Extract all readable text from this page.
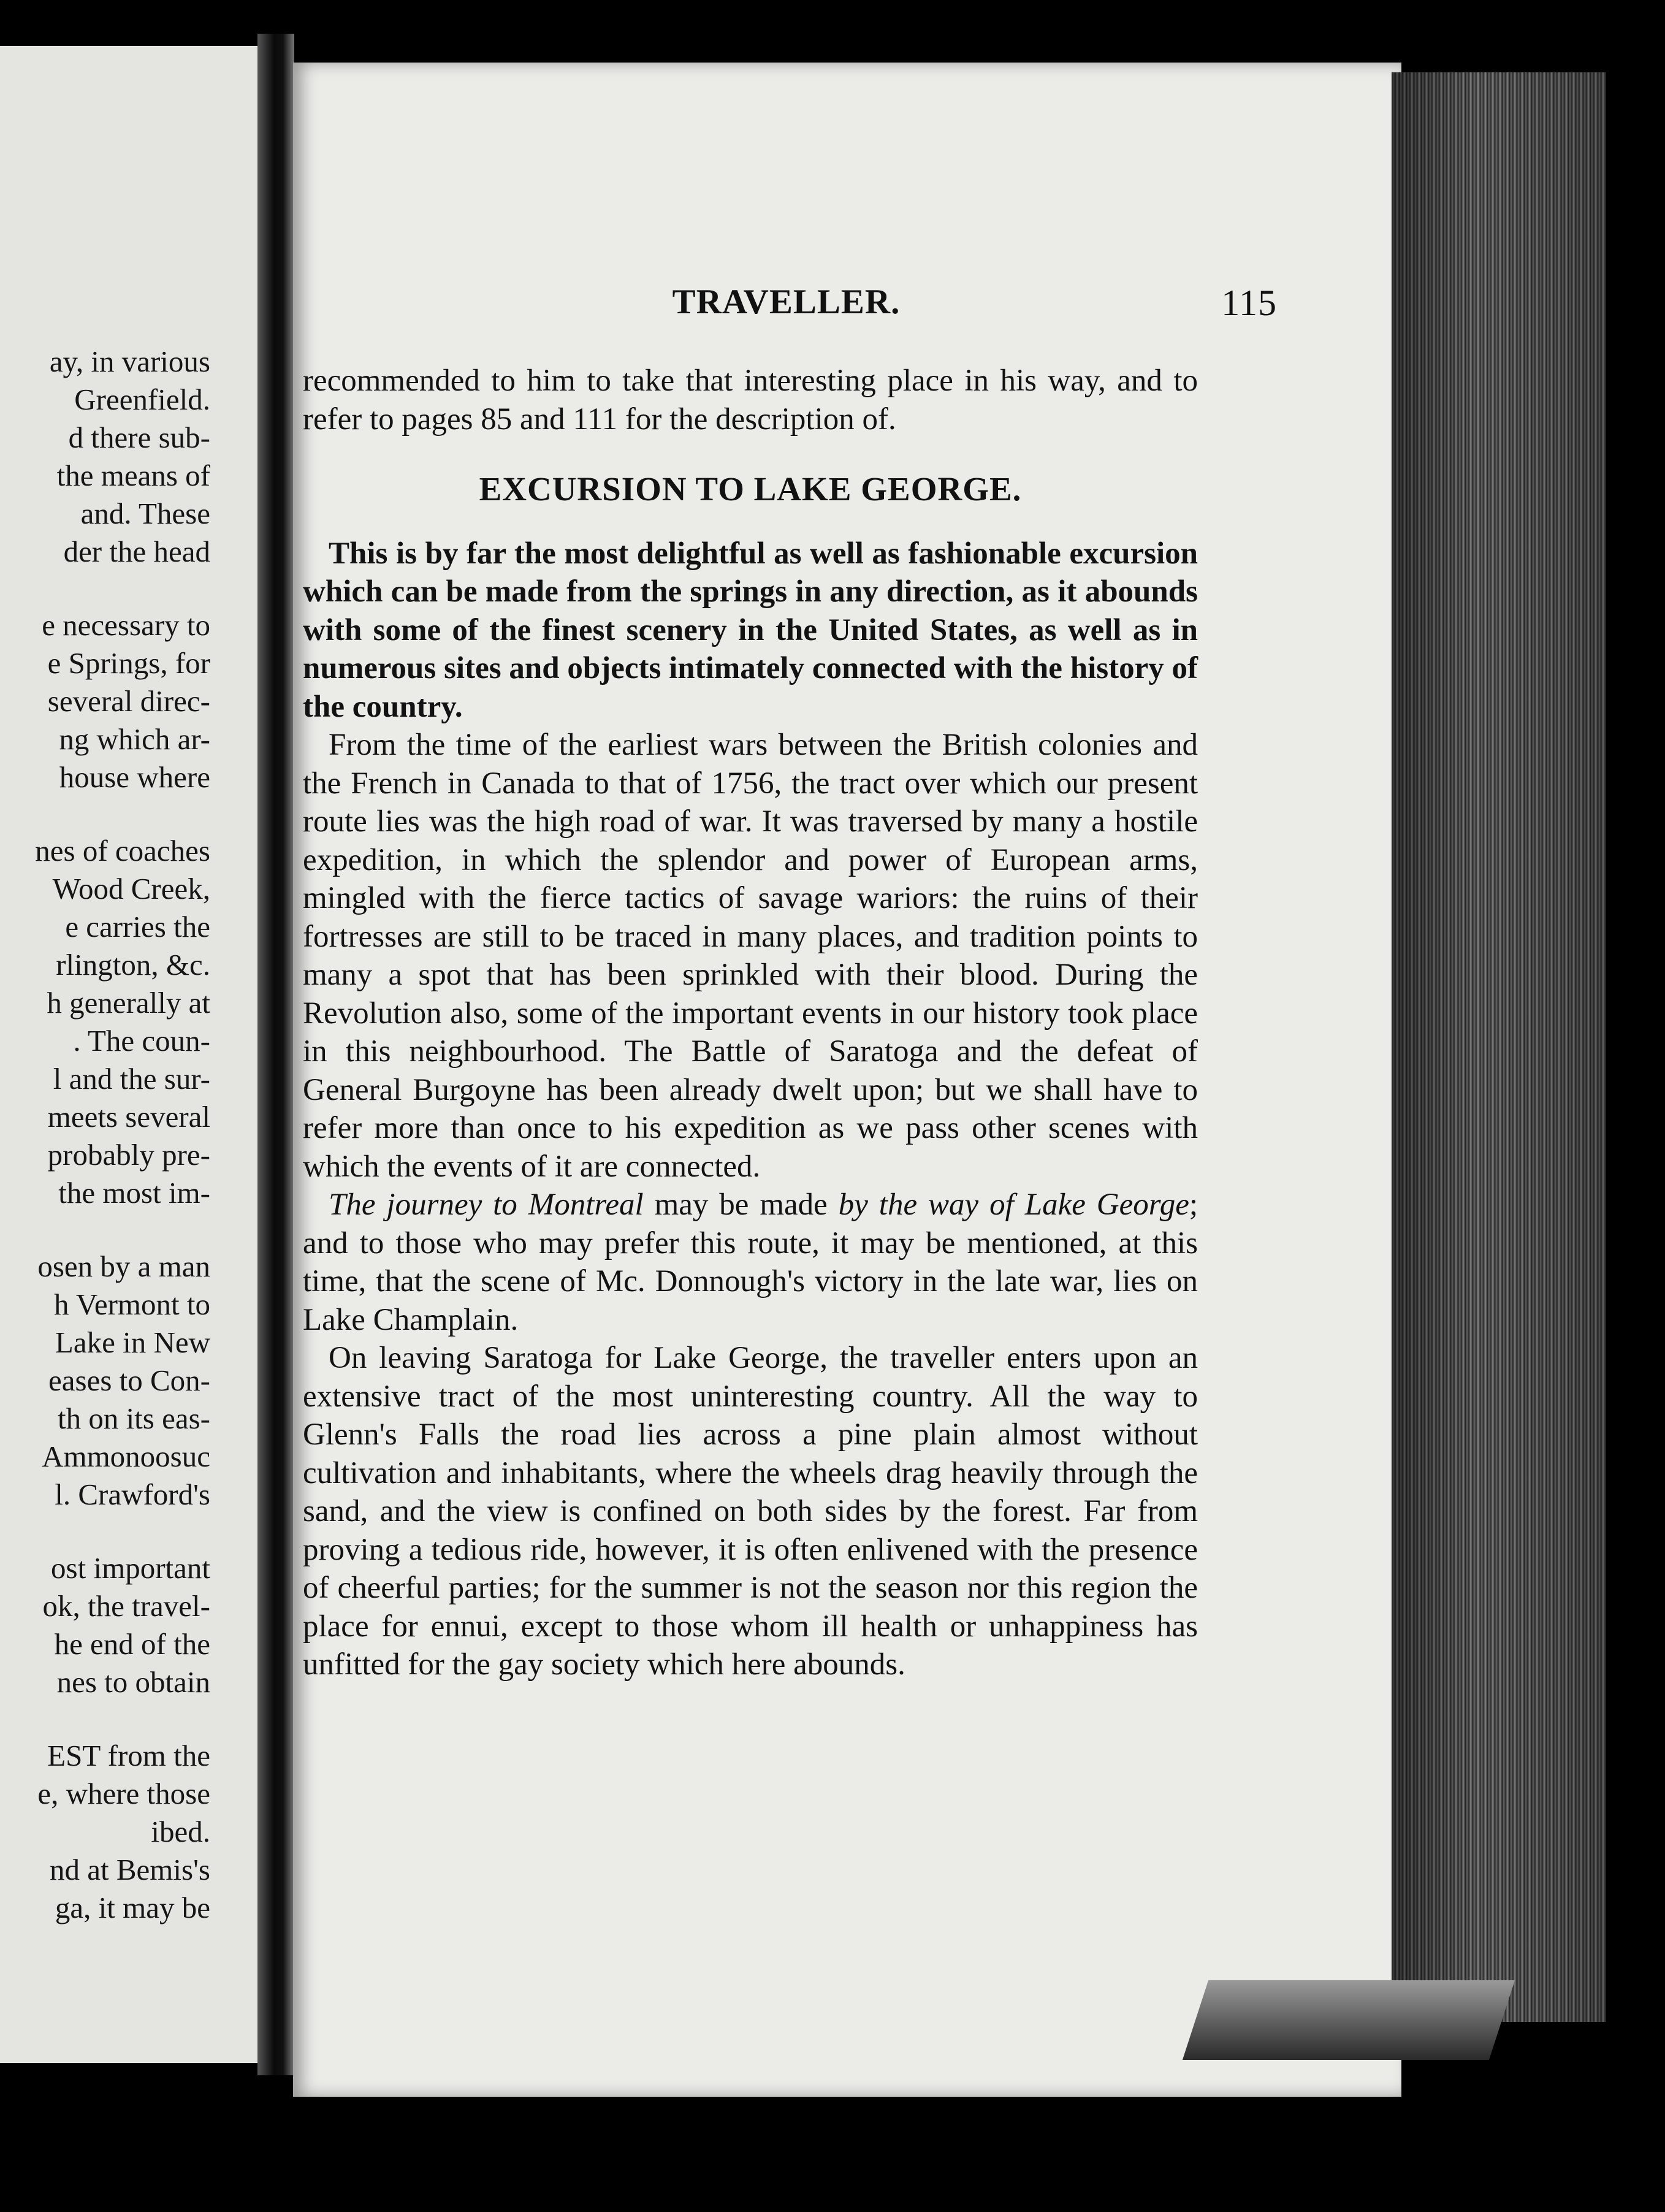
ay, in various
Greenfield.
d there sub-
the means of
and. These
der the head
e necessary to
e Springs, for
several direc-
ng which ar-
house where
nes of coaches
Wood Creek,
e carries the
rlington, &c.
h generally at
. The coun-
l and the sur-
meets several
probably pre-
the most im-
osen by a man
h Vermont to
Lake in New
eases to Con-
th on its eas-
Ammonoosuc
l. Crawford's
ost important
ok, the travel-
he end of the
nes to obtain
EST from the
e, where those
ibed.
nd at Bemis's
ga, it may be
TRAVELLER.	115

recommended to him to take that interesting place in his way, and to refer to pages 85 and 111 for the description of.

EXCURSION TO LAKE GEORGE.

This is by far the most delightful as well as fashionable excursion which can be made from the springs in any direction, as it abounds with some of the finest scenery in the United States, as well as in numerous sites and objects intimately connected with the history of the country.

From the time of the earliest wars between the British colonies and the French in Canada to that of 1756, the tract over which our present route lies was the high road of war. It was traversed by many a hostile expedition, in which the splendor and power of European arms, mingled with the fierce tactics of savage wariors: the ruins of their fortresses are still to be traced in many places, and tradition points to many a spot that has been sprinkled with their blood. During the Revolution also, some of the important events in our history took place in this neighbourhood. The Battle of Saratoga and the defeat of General Burgoyne has been already dwelt upon; but we shall have to refer more than once to his expedition as we pass other scenes with which the events of it are connected.

The journey to Montreal may be made by the way of Lake George; and to those who may prefer this route, it may be mentioned, at this time, that the scene of Mc. Donnough's victory in the late war, lies on Lake Champlain.

On leaving Saratoga for Lake George, the traveller enters upon an extensive tract of the most uninteresting country. All the way to Glenn's Falls the road lies across a pine plain almost without cultivation and inhabitants, where the wheels drag heavily through the sand, and the view is confined on both sides by the forest. Far from proving a tedious ride, however, it is often enlivened with the presence of cheerful parties; for the summer is not the season nor this region the place for ennui, except to those whom ill health or unhappiness has unfitted for the gay society which here abounds.
